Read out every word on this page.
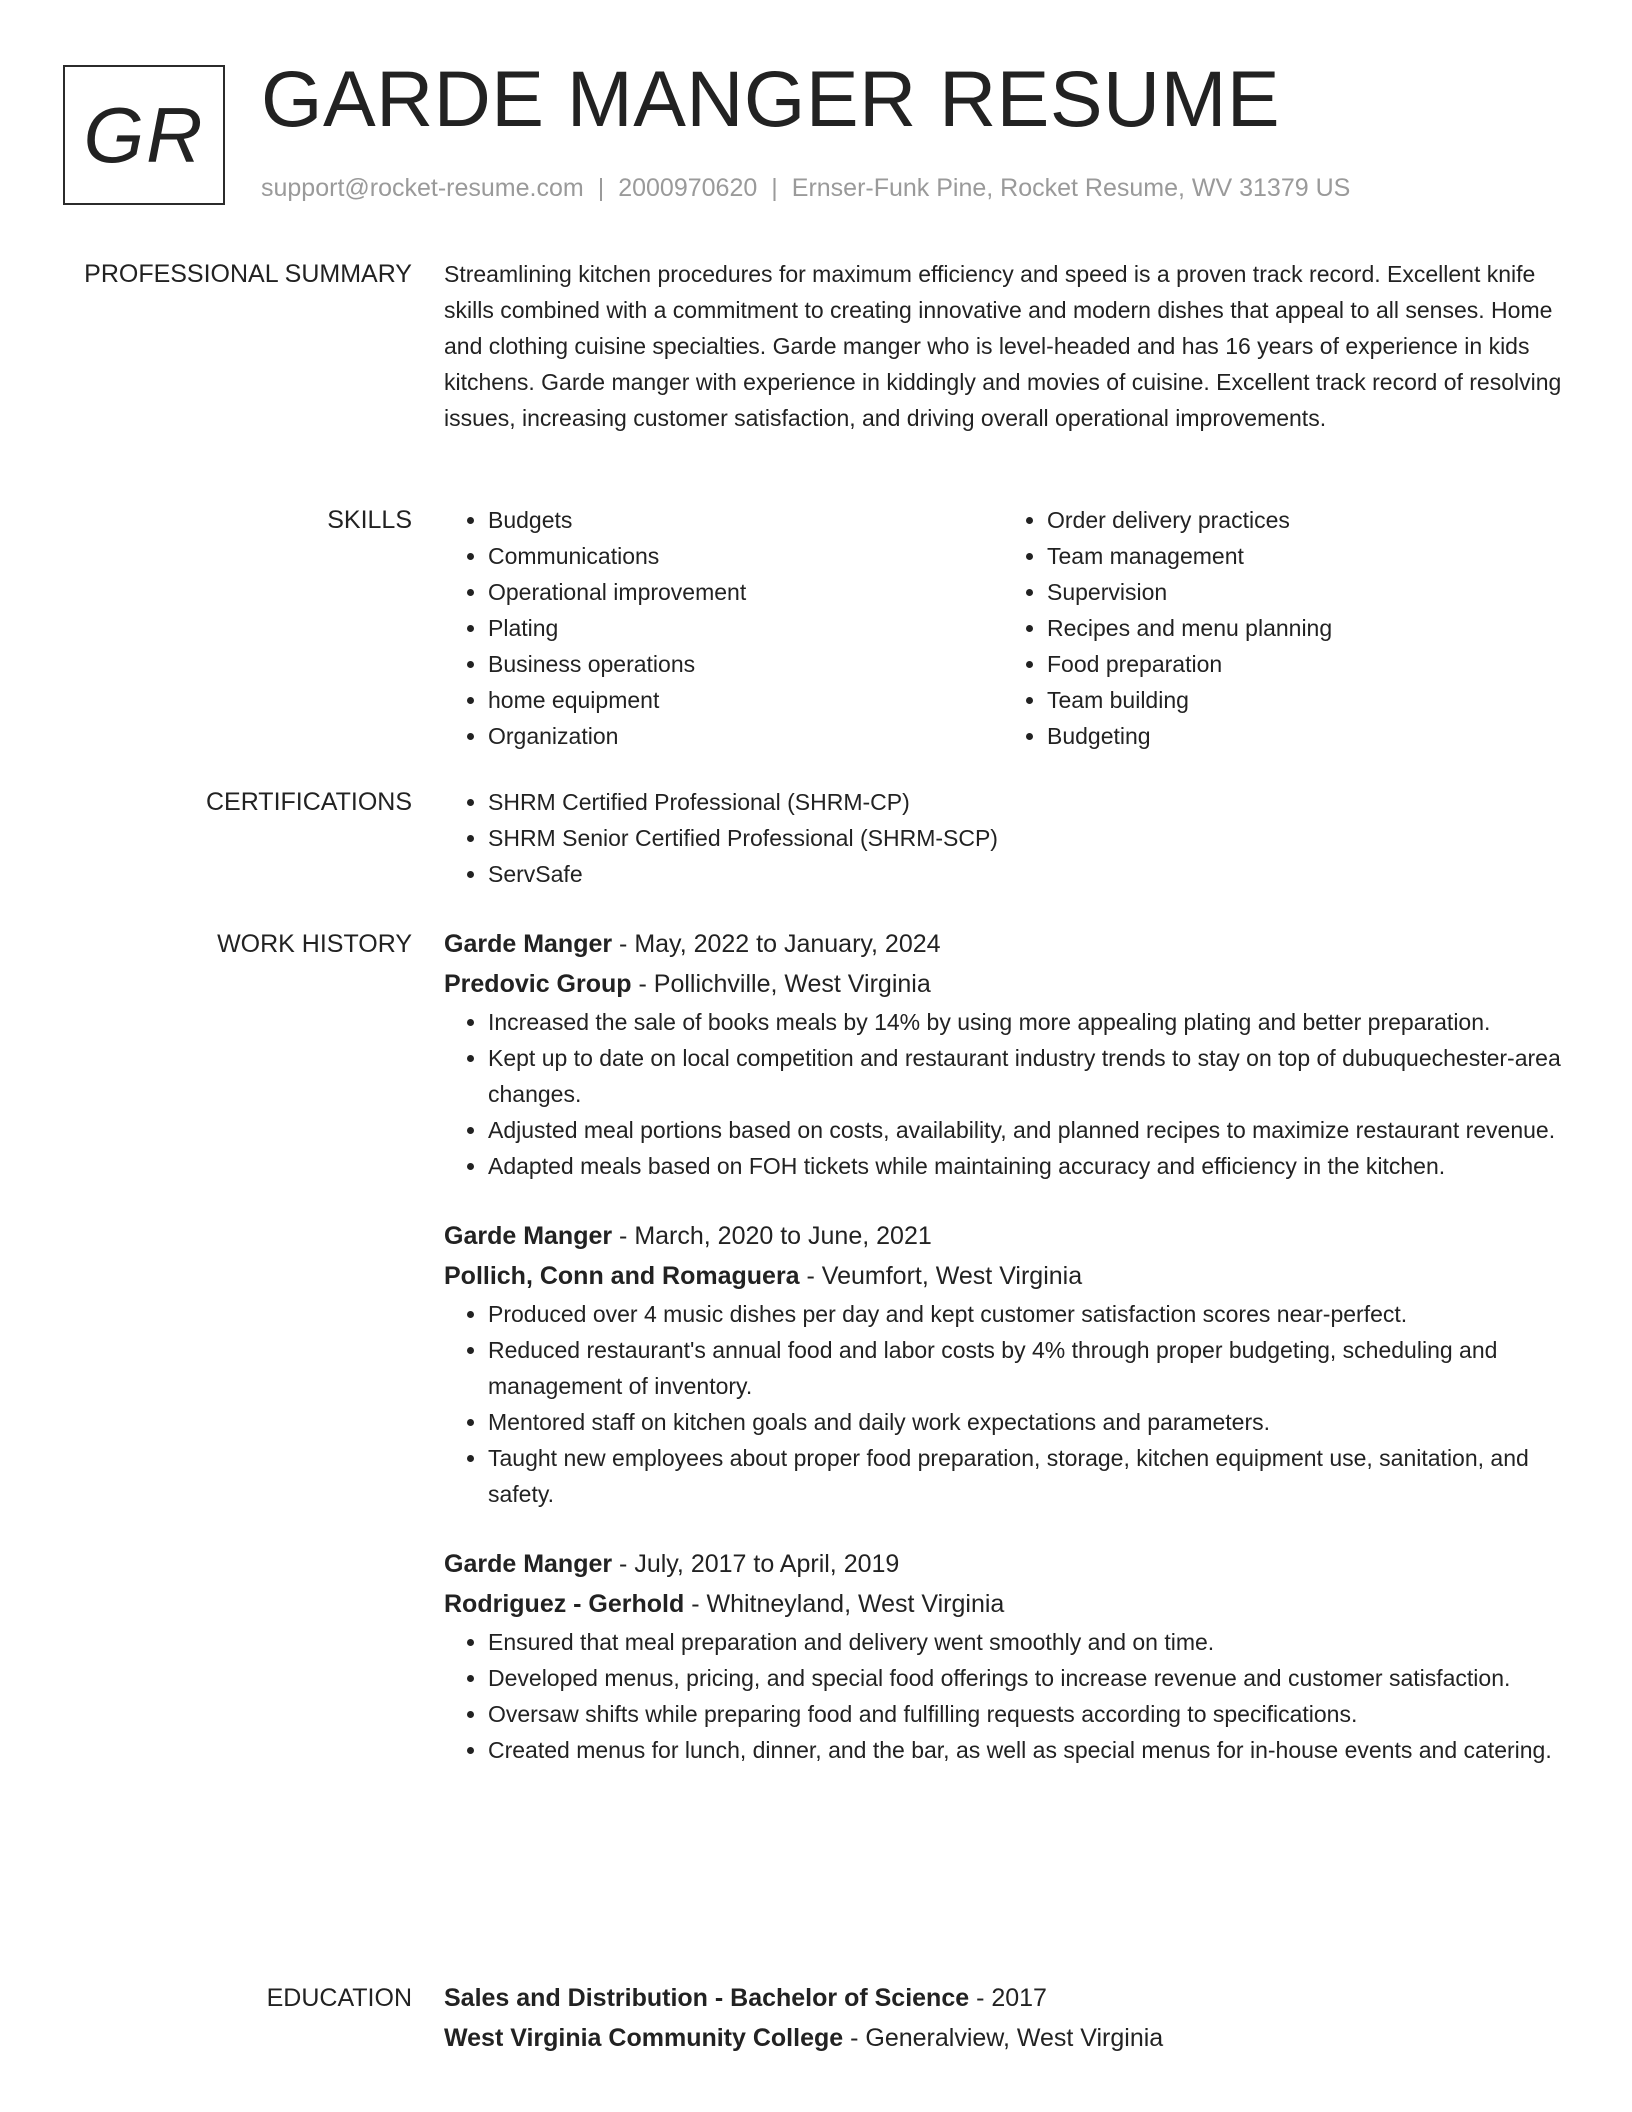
GR GARDE MANGER RESUME
support@rocket-resume.com | 2000970620 | Ernser-Funk Pine, Rocket Resume, WV 31379 US
PROFESSIONAL SUMMARY Streamlining kitchen procedures for maximum efficiency and speed is a proven track record. Excellent knife skills combined with a commitment to creating innovative and modern dishes that appeal to all senses. Home and clothing cuisine specialties. Garde manger who is level-headed and has 16 years of experience in kids kitchens. Garde manger with experience in kiddingly and movies of cuisine. Excellent track record of resolving issues, increasing customer satisfaction, and driving overall operational improvements.

SKILLS	• Budgets
• Communications
• Operational improvement
• Plating
• Business operations
• home equipment
• Organization
• Order delivery practices
• Team management
• Supervision
• Recipes and menu planning
• Food preparation
• Team building
• Budgeting
CERTIFICATIONS	• SHRM Certified Professional (SHRM-CP)
• SHRM Senior Certified Professional (SHRM-SCP)
• ServSafe
WORK HISTORY Garde Manger - May, 2022 to January, 2024
Predovic Group - Pollichville, West Virginia
• Increased the sale of books meals by 14% by using more appealing plating and better preparation.
• Kept up to date on local competition and restaurant industry trends to stay on top of dubuquechester-area changes.
• Adjusted meal portions based on costs, availability, and planned recipes to maximize restaurant revenue.
• Adapted meals based on FOH tickets while maintaining accuracy and efficiency in the kitchen.
Garde Manger - March, 2020 to June, 2021
Pollich, Conn and Romaguera - Veumfort, West Virginia
• Produced over 4 music dishes per day and kept customer satisfaction scores near-perfect.
• Reduced restaurant's annual food and labor costs by 4% through proper budgeting, scheduling and management of inventory.
• Mentored staff on kitchen goals and daily work expectations and parameters.
• Taught new employees about proper food preparation, storage, kitchen equipment use, sanitation, and safety.
Garde Manger - July, 2017 to April, 2019
Rodriguez - Gerhold - Whitneyland, West Virginia
• Ensured that meal preparation and delivery went smoothly and on time.
• Developed menus, pricing, and special food offerings to increase revenue and customer satisfaction.
• Oversaw shifts while preparing food and fulfilling requests according to specifications.
• Created menus for lunch, dinner, and the bar, as well as special menus for in-house events and catering.
EDUCATION Sales and Distribution - Bachelor of Science - 2017
West Virginia Community College - Generalview, West Virginia
